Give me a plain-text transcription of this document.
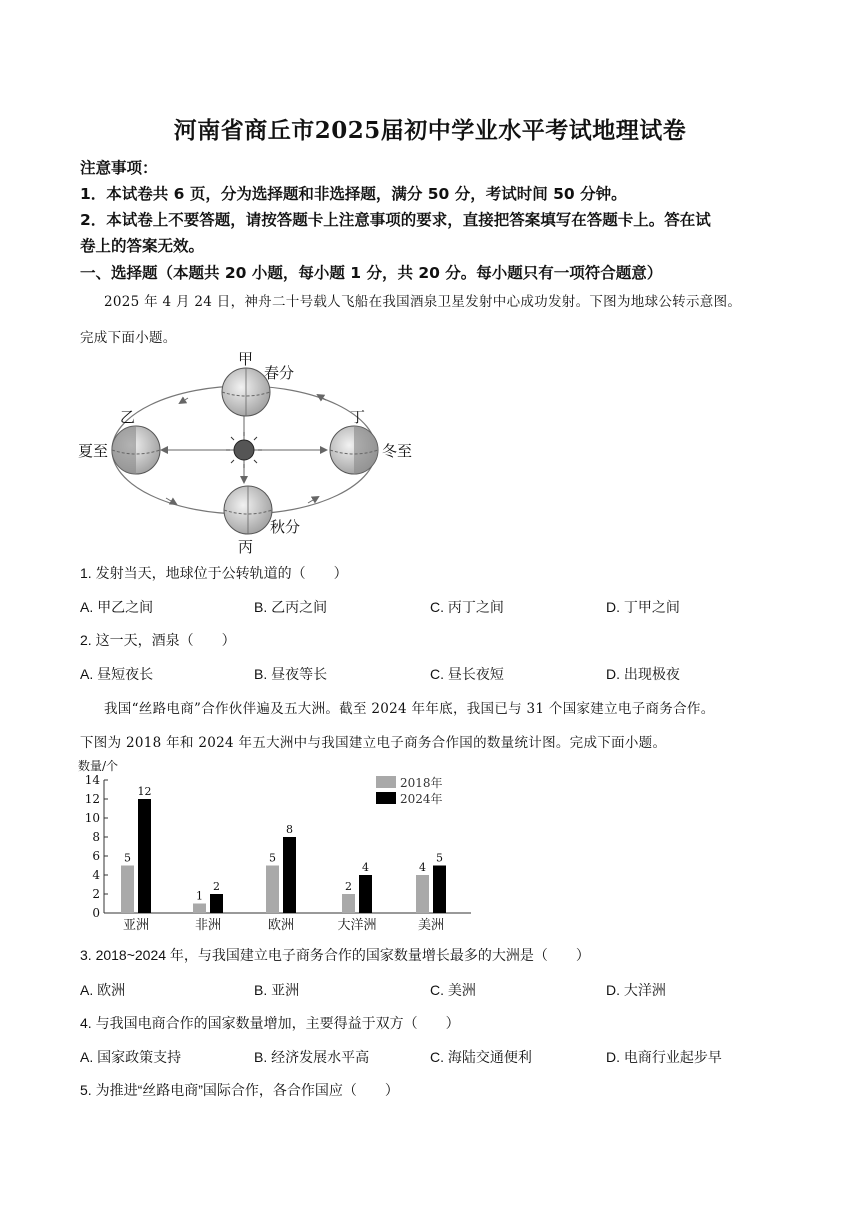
河南省商丘市2025届初中学业水平考试地理试卷
注意事项：
1．本试卷共 6 页，分为选择题和非选择题，满分 50 分，考试时间 50 分钟。
2．本试卷上不要答题，请按答题卡上注意事项的要求，直接把答案填写在答题卡上。答在试
卷上的答案无效。
一、选择题（本题共 20 小题，每小题 1 分，共 20 分。每小题只有一项符合题意）
2025 年 4 月 24 日，神舟二十号载人飞船在我国酒泉卫星发射中心成功发射。下图为地球公转示意图。
完成下面小题。
甲
春分
乙
夏至
丁
冬至
秋分
丙
1. 发射当天，地球位于公转轨道的（　　）
A. 甲乙之间	B. 乙丙之间	C. 丙丁之间	D. 丁甲之间
2. 这一天，酒泉（　　）
A. 昼短夜长	B. 昼夜等长	C. 昼长夜短	D. 出现极夜
我国“丝路电商”合作伙伴遍及五大洲。截至 2024 年年底，我国已与 31 个国家建立电子商务合作。
下图为 2018 年和 2024 年五大洲中与我国建立电子商务合作国的数量统计图。完成下面小题。
数量/个
0
2
4
6
8
10
12
14
亚洲
5
12
非洲
1
2
欧洲
5
8
大洋洲
2
4
美洲
4
5
2018年
2024年
3. 2018~2024 年，与我国建立电子商务合作的国家数量增长最多的大洲是（　　）
A. 欧洲	B. 亚洲	C. 美洲	D. 大洋洲
4. 与我国电商合作的国家数量增加，主要得益于双方（　　）
A. 国家政策支持	B. 经济发展水平高	C. 海陆交通便利	D. 电商行业起步早
5. 为推进“丝路电商”国际合作，各合作国应（　　）
